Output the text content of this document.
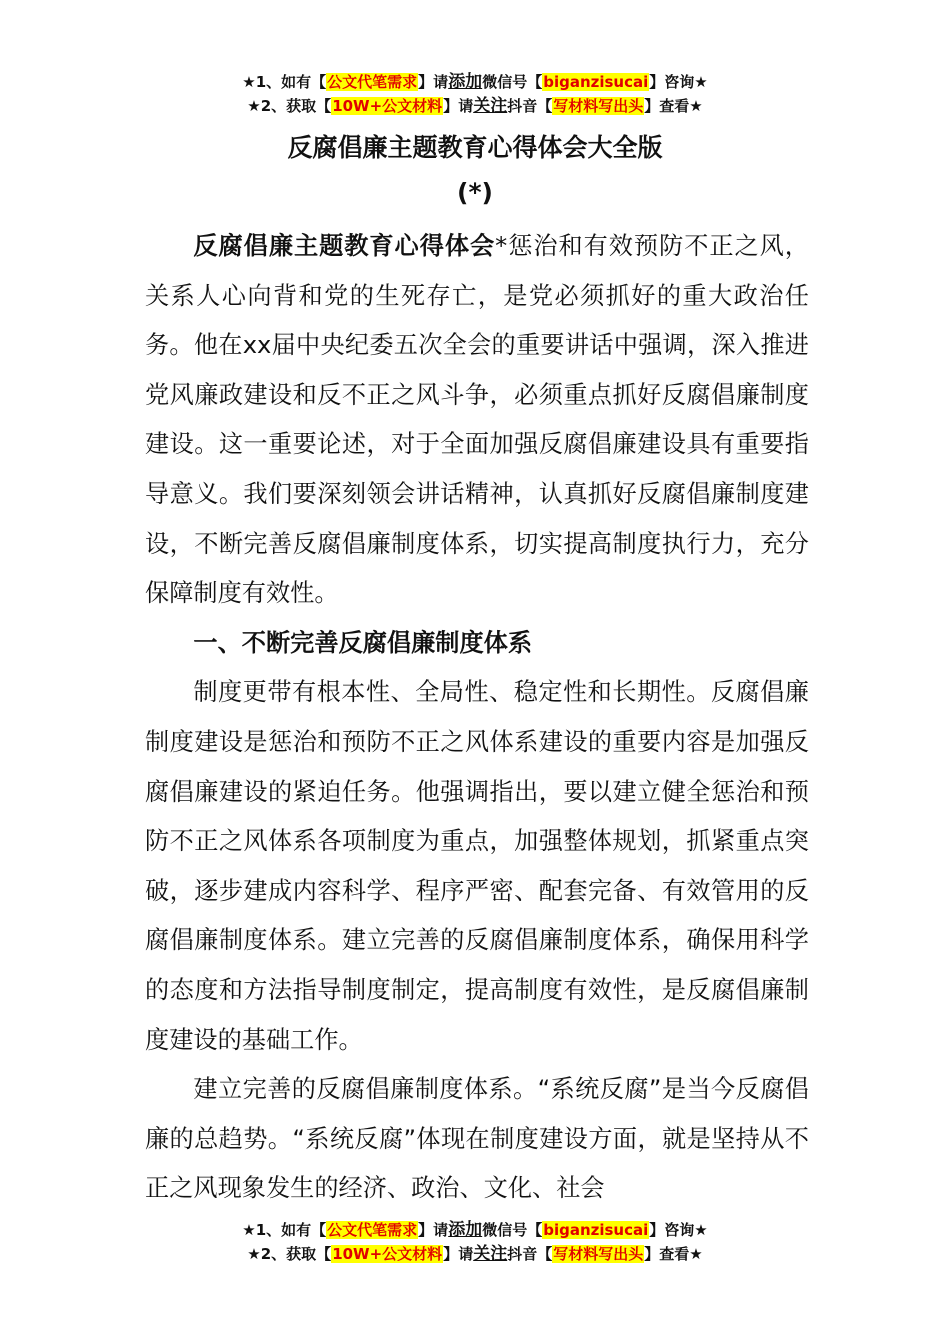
★1、如有【公文代笔需求】请添加微信号【biganzisucai】咨询★
★2、获取【10W+公文材料】请关注抖音【写材料写出头】查看★
反腐倡廉主题教育心得体会大全版
(*)

反腐倡廉主题教育心得体会*惩治和有效预防不正之风，关系人心向背和党的生死存亡，是党必须抓好的重大政治任务。他在xx届中央纪委五次全会的重要讲话中强调，深入推进党风廉政建设和反不正之风斗争，必须重点抓好反腐倡廉制度建设。这一重要论述，对于全面加强反腐倡廉建设具有重要指导意义。我们要深刻领会讲话精神，认真抓好反腐倡廉制度建设，不断完善反腐倡廉制度体系，切实提高制度执行力，充分保障制度有效性。

一、不断完善反腐倡廉制度体系

制度更带有根本性、全局性、稳定性和长期性。反腐倡廉制度建设是惩治和预防不正之风体系建设的重要内容是加强反腐倡廉建设的紧迫任务。他强调指出，要以建立健全惩治和预防不正之风体系各项制度为重点，加强整体规划，抓紧重点突破，逐步建成内容科学、程序严密、配套完备、有效管用的反腐倡廉制度体系。建立完善的反腐倡廉制度体系，确保用科学的态度和方法指导制度制定，提高制度有效性，是反腐倡廉制度建设的基础工作。

建立完善的反腐倡廉制度体系。“系统反腐”是当今反腐倡廉的总趋势。“系统反腐”体现在制度建设方面，就是坚持从不正之风现象发生的经济、政治、文化、社会

★1、如有【公文代笔需求】请添加微信号【biganzisucai】咨询★
★2、获取【10W+公文材料】请关注抖音【写材料写出头】查看★
